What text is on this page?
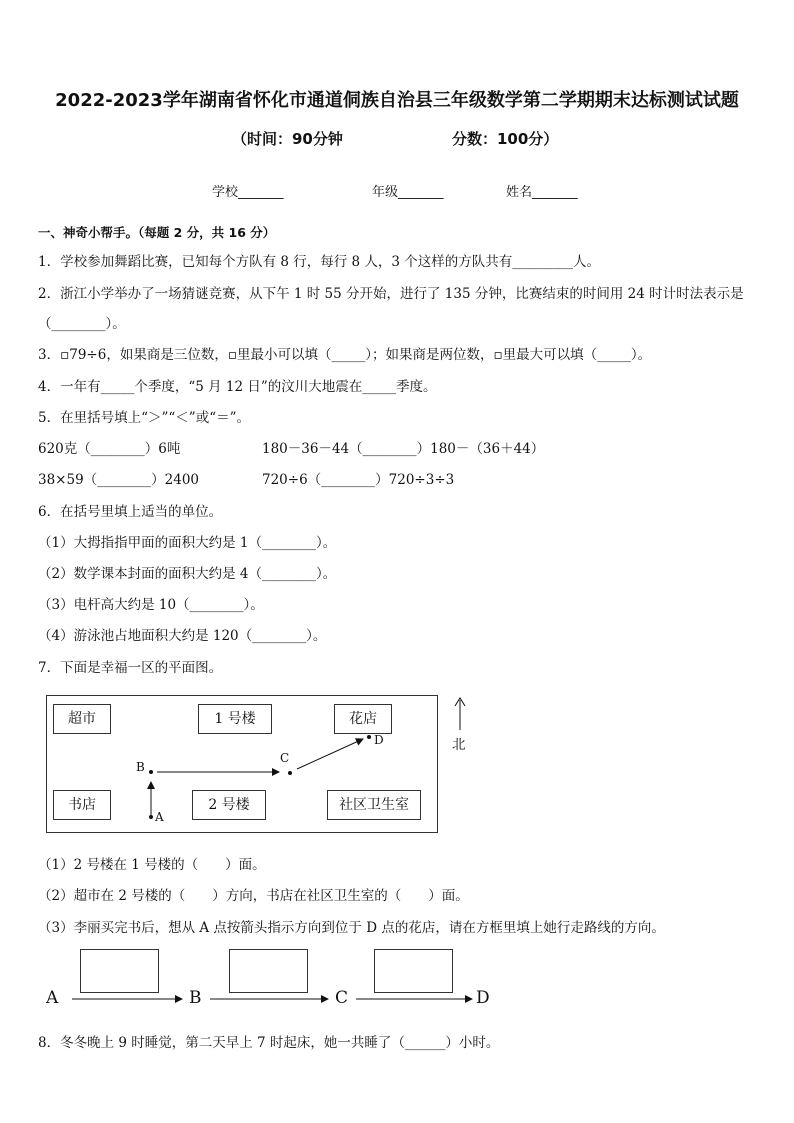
2022-2023学年湖南省怀化市通道侗族自治县三年级数学第二学期期末达标测试试题
（时间：90分钟	分数：100分）
学校_______	年级_______	姓名_______
一、神奇小帮手。（每题 2 分，共 16 分）
1．学校参加舞蹈比赛，已知每个方队有 8 行，每行 8 人，3 个这样的方队共有_________人。
2．浙江小学举办了一场猜谜竞赛，从下午 1 时 55 分开始，进行了 135 分钟，比赛结束的时间用 24 时计时法表示是
（________）。
3．▫79÷6，如果商是三位数，▫里最小可以填（_____）；如果商是两位数，▫里最大可以填（_____）。
4．一年有_____个季度，“5 月 12 日”的汶川大地震在_____季度。
5．在里括号填上“＞”“＜”或“＝”。
620克（________）6吨	180－36－44（________）180－（36＋44）
38×59（________）2400	720÷6（________）720÷3÷3
6．在括号里填上适当的单位。
（1）大拇指指甲面的面积大约是 1（________）。
（2）数学课本封面的面积大约是 4（________）。
（3）电杆高大约是 10（________）。
（4）游泳池占地面积大约是 120（________）。
7．下面是幸福一区的平面图。
超市	1 号楼	花店
书店	2 号楼	社区卫生室
A
B
C
D	北
（1）2 号楼在 1 号楼的（　　）面。
（2）超市在 2 号楼的（　　）方向，书店在社区卫生室的（　　）面。
（3）李丽买完书后，想从 A 点按箭头指示方向到位于 D 点的花店，请在方框里填上她行走路线的方向。
A	B	C	D
8．冬冬晚上 9 时睡觉，第二天早上 7 时起床，她一共睡了（______）小时。
